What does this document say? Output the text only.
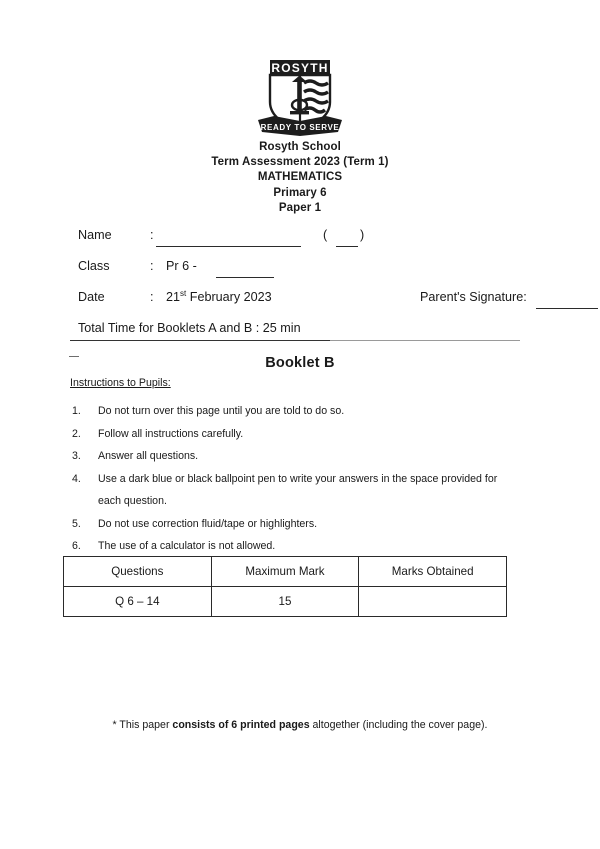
ROSYTH
READY TO SERVE
Rosyth School
Term Assessment 2023 (Term 1)
MATHEMATICS
Primary 6
Paper 1
Name	:	(	)
Class	: Pr 6 -
Date	: 21st February 2023	Parent's Signature:
Total Time for Booklets A and B : 25 min
Booklet B
Instructions to Pupils:
1. Do not turn over this page until you are told to do so.
2. Follow all instructions carefully.
3. Answer all questions.
4. Use a dark blue or black ballpoint pen to write your answers in the space provided for each question.
5. Do not use correction fluid/tape or highlighters.
6. The use of a calculator is not allowed.
Questions	Maximum Mark	Marks Obtained
Q 6 – 14	15	
* This paper consists of 6 printed pages altogether (including the cover page).
